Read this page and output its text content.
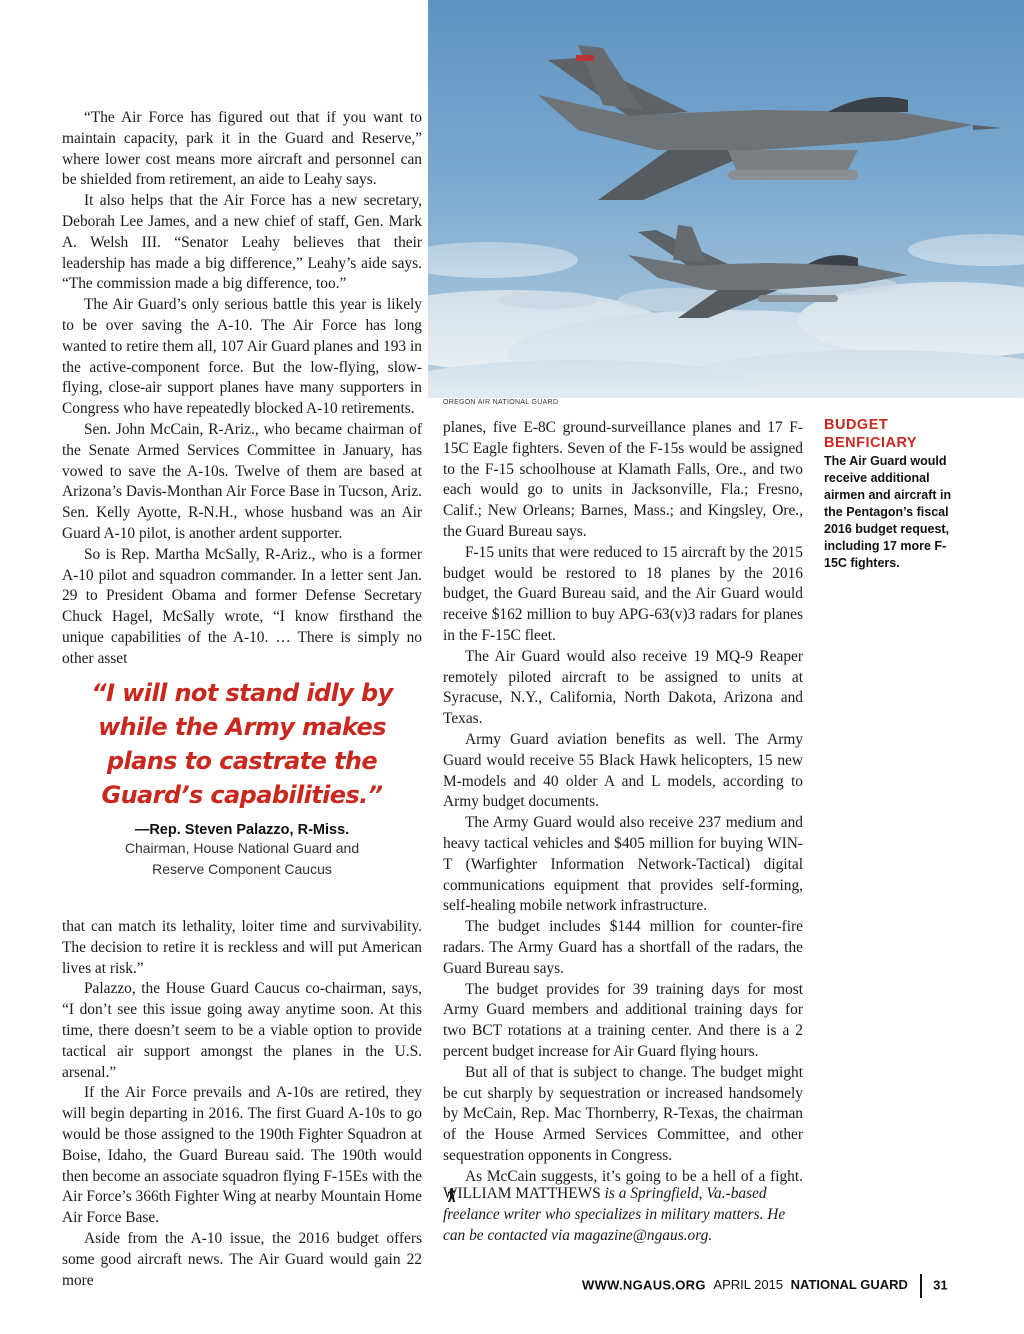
OREGON AIR NATIONAL GUARD

“The Air Force has figured out that if you want to maintain capacity, park it in the Guard and Reserve,” where lower cost means more aircraft and personnel can be shielded from retirement, an aide to Leahy says.

It also helps that the Air Force has a new secretary, Deborah Lee James, and a new chief of staff, Gen. Mark A. Welsh III. “Senator Leahy believes that their leadership has made a big difference,” Leahy’s aide says. “The commission made a big difference, too.”

The Air Guard’s only serious battle this year is likely to be over saving the A-10. The Air Force has long wanted to retire them all, 107 Air Guard planes and 193 in the active-component force. But the low-flying, slow-flying, close-air support planes have many supporters in Congress who have repeatedly blocked A-10 retirements.

Sen. John McCain, R-Ariz., who became chairman of the Senate Armed Services Committee in January, has vowed to save the A-10s. Twelve of them are based at Arizona’s Davis-Monthan Air Force Base in Tucson, Ariz. Sen. Kelly Ayotte, R-N.H., whose husband was an Air Guard A-10 pilot, is another ardent supporter.

So is Rep. Martha McSally, R-Ariz., who is a former A-10 pilot and squadron commander. In a letter sent Jan. 29 to President Obama and former Defense Secretary Chuck Hagel, McSally wrote, “I know firsthand the unique capabilities of the A-10. … There is simply no other asset

“I will not stand idly by while the Army makes plans to castrate the Guard’s capabilities.”
—Rep. Steven Palazzo, R-Miss.
Chairman, House National Guard and
Reserve Component Caucus

that can match its lethality, loiter time and survivability. The decision to retire it is reckless and will put American lives at risk.”

Palazzo, the House Guard Caucus co-chairman, says, “I don’t see this issue going away anytime soon. At this time, there doesn’t seem to be a viable option to provide tactical air support amongst the planes in the U.S. arsenal.”

If the Air Force prevails and A-10s are retired, they will begin departing in 2016. The first Guard A-10s to go would be those assigned to the 190th Fighter Squadron at Boise, Idaho, the Guard Bureau said. The 190th would then become an associate squadron flying F-15Es with the Air Force’s 366th Fighter Wing at nearby Mountain Home Air Force Base.

Aside from the A-10 issue, the 2016 budget offers some good aircraft news. The Air Guard would gain 22 more

planes, five E-8C ground-surveillance planes and 17 F-15C Eagle fighters. Seven of the F-15s would be assigned to the F-15 schoolhouse at Klamath Falls, Ore., and two each would go to units in Jacksonville, Fla.; Fresno, Calif.; New Orleans; Barnes, Mass.; and Kingsley, Ore., the Guard Bureau says.

F-15 units that were reduced to 15 aircraft by the 2015 budget would be restored to 18 planes by the 2016 budget, the Guard Bureau said, and the Air Guard would receive $162 million to buy APG-63(v)3 radars for planes in the F-15C fleet.

The Air Guard would also receive 19 MQ-9 Reaper remotely piloted aircraft to be assigned to units at Syracuse, N.Y., California, North Dakota, Arizona and Texas.

Army Guard aviation benefits as well. The Army Guard would receive 55 Black Hawk helicopters, 15 new M-models and 40 older A and L models, according to Army budget documents.

The Army Guard would also receive 237 medium and heavy tactical vehicles and $405 million for buying WIN-T (Warfighter Information Network-Tactical) digital communications equipment that provides self-forming, self-healing mobile network infrastructure.

The budget includes $144 million for counter-fire radars. The Army Guard has a shortfall of the radars, the Guard Bureau says.

The budget provides for 39 training days for most Army Guard members and additional training days for two BCT rotations at a training center. And there is a 2 percent budget increase for Air Guard flying hours.

But all of that is subject to change. The budget might be cut sharply by sequestration or increased handsomely by McCain, Rep. Mac Thornberry, R-Texas, the chairman of the House Armed Services Committee, and other sequestration opponents in Congress.

As McCain suggests, it’s going to be a hell of a fight.

BUDGET
BENFICIARY
The Air Guard would receive additional airmen and aircraft in the Pentagon’s fiscal 2016 budget request, including 17 more F-15C fighters.
WILLIAM MATTHEWS is a Springfield, Va.-based freelance writer who specializes in military matters. He can be contacted via magazine@ngaus.org.
WWW.NGAUS.ORG APRIL 2015 NATIONAL GUARD 31
